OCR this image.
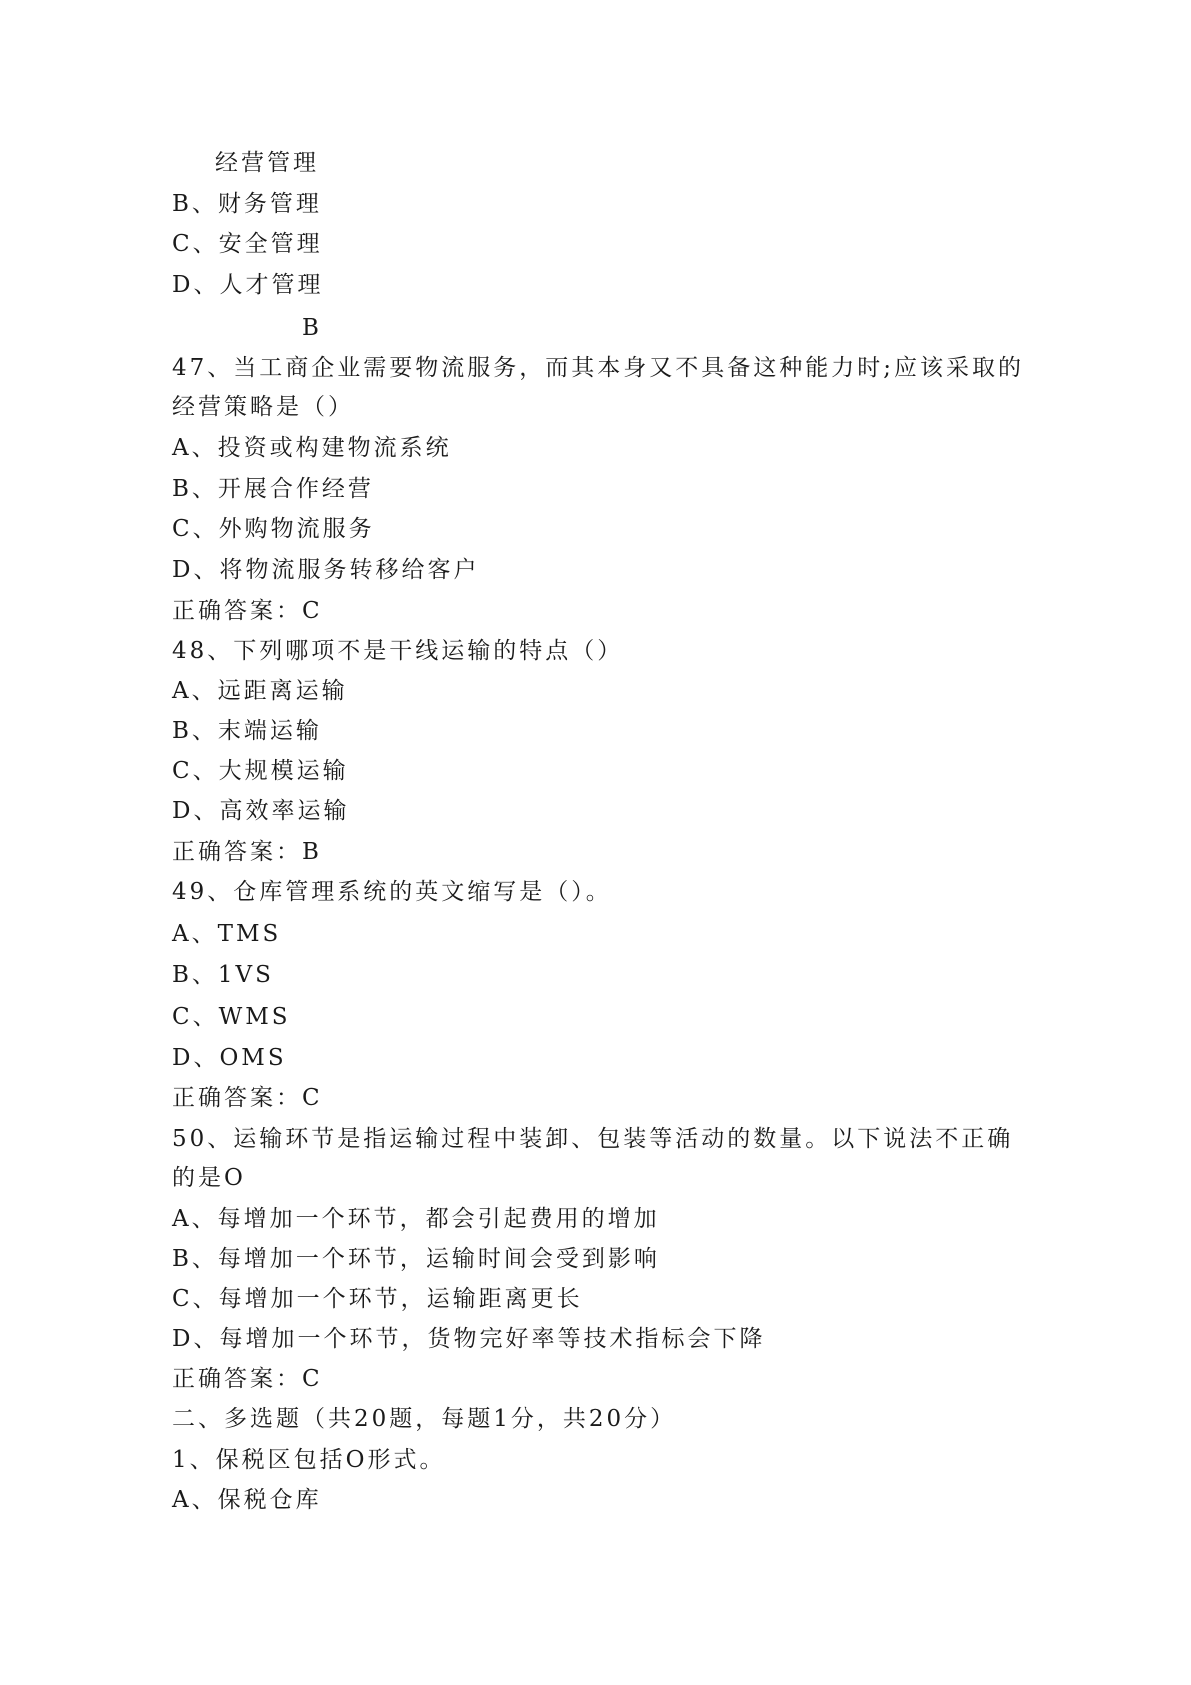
经营管理
B、财务管理
C、安全管理
D、人才管理
B
47、当工商企业需要物流服务，而其本身又不具备这种能力时;应该采取的
经营策略是（）
A、投资或构建物流系统
B、开展合作经营
C、外购物流服务
D、将物流服务转移给客户
正确答案：C
48、下列哪项不是干线运输的特点（）
A、远距离运输
B、末端运输
C、大规模运输
D、高效率运输
正确答案：B
49、仓库管理系统的英文缩写是（）。
A、TMS
B、1VS
C、WMS
D、OMS
正确答案：C
50、运输环节是指运输过程中装卸、包装等活动的数量。以下说法不正确
的是O
A、每增加一个环节，都会引起费用的增加
B、每增加一个环节，运输时间会受到影响
C、每增加一个环节，运输距离更长
D、每增加一个环节，货物完好率等技术指标会下降
正确答案：C
二、多选题（共20题，每题1分，共20分）
1、保税区包括O形式。
A、保税仓库
